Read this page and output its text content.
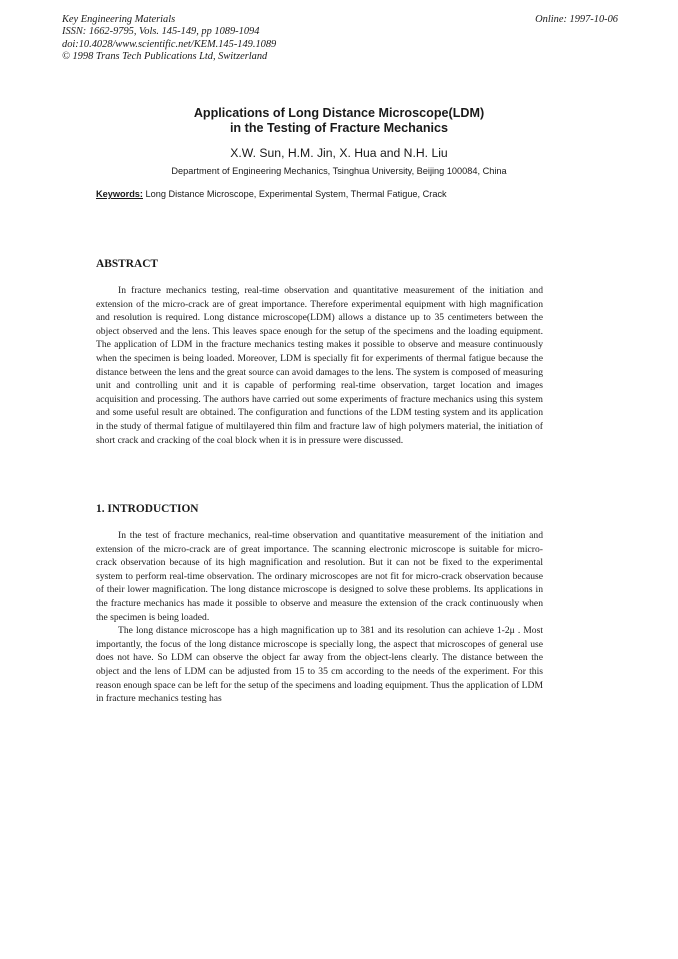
Key Engineering Materials
ISSN: 1662-9795, Vols. 145-149, pp 1089-1094
doi:10.4028/www.scientific.net/KEM.145-149.1089
© 1998 Trans Tech Publications Ltd, Switzerland
Online: 1997-10-06
Applications of Long Distance Microscope(LDM)
in the Testing of Fracture Mechanics
X.W. Sun, H.M. Jin, X. Hua and N.H. Liu
Department of Engineering Mechanics, Tsinghua University, Beijing 100084, China
Keywords: Long Distance Microscope, Experimental System, Thermal Fatigue, Crack
ABSTRACT

In fracture mechanics testing, real-time observation and quantitative measurement of the initiation and extension of the micro-crack are of great importance. Therefore experimental equipment with high magnification and resolution is required. Long distance microscope(LDM) allows a distance up to 35 centimeters between the object observed and the lens. This leaves space enough for the setup of the specimens and the loading equipment. The application of LDM in the fracture mechanics testing makes it possible to observe and measure continuously when the specimen is being loaded. Moreover, LDM is specially fit for experiments of thermal fatigue because the distance between the lens and the great source can avoid damages to the lens. The system is composed of measuring unit and controlling unit and it is capable of performing real-time observation, target location and images acquisition and processing. The authors have carried out some experiments of fracture mechanics using this system and some useful result are obtained. The configuration and functions of the LDM testing system and its application in the study of thermal fatigue of multilayered thin film and fracture law of high polymers material, the initiation of short crack and cracking of the coal block when it is in pressure were discussed.

1. INTRODUCTION

In the test of fracture mechanics, real-time observation and quantitative measurement of the initiation and extension of the micro-crack are of great importance. The scanning electronic microscope is suitable for micro-crack observation because of its high magnification and resolution. But it can not be fixed to the experimental system to perform real-time observation. The ordinary microscopes are not fit for micro-crack observation because of their lower magnification. The long distance microscope is designed to solve these problems. Its applications in the fracture mechanics has made it possible to observe and measure the extension of the crack continuously when the specimen is being loaded.

The long distance microscope has a high magnification up to 381 and its resolution can achieve 1-2μ . Most importantly, the focus of the long distance microscope is specially long, the aspect that microscopes of general use does not have. So LDM can observe the object far away from the object-lens clearly. The distance between the object and the lens of LDM can be adjusted from 15 to 35 cm according to the needs of the experiment. For this reason enough space can be left for the setup of the specimens and loading equipment. Thus the application of LDM in fracture mechanics testing has
